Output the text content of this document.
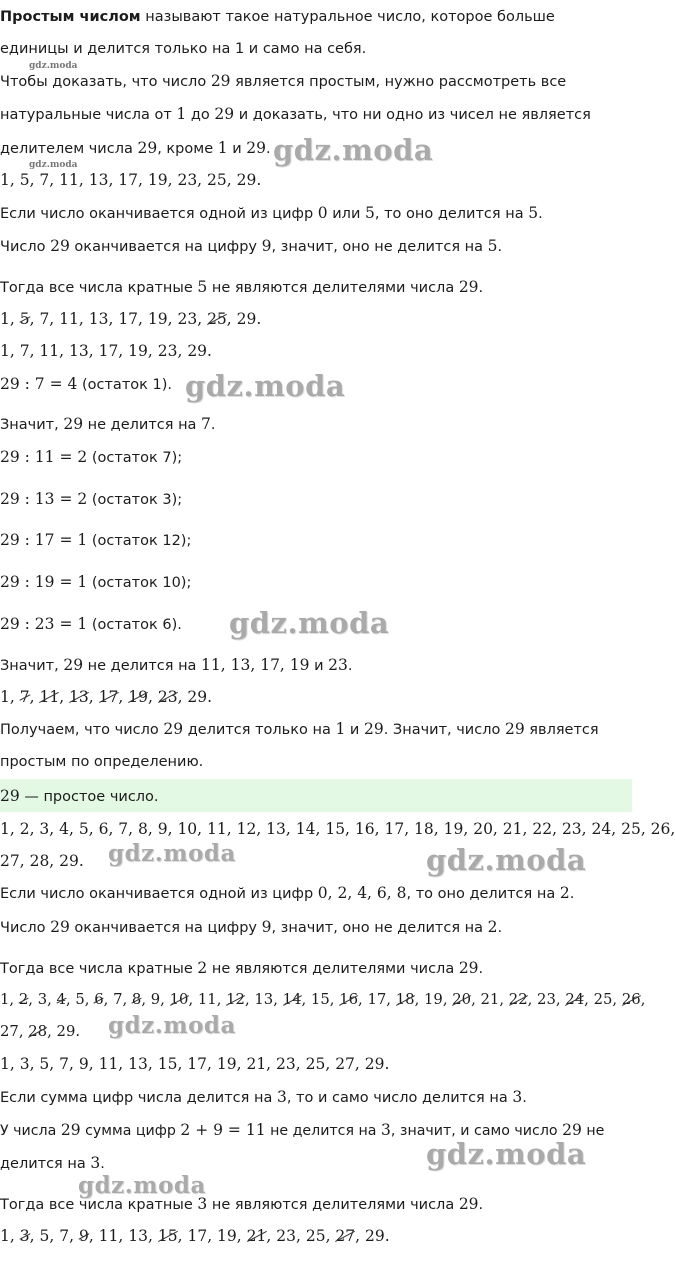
Простым числом называют такое натуральное число, которое больше
единицы и делится только на 1 и само на себя.
Чтобы доказать, что число 29 является простым, нужно рассмотреть все
натуральные числа от 1 до 29 и доказать, что ни одно из чисел не является
делителем числа 29, кроме 1 и 29.
1, 5, 7, 11, 13, 17, 19, 23, 25, 29.
Если число оканчивается одной из цифр 0 или 5, то оно делится на 5.
Число 29 оканчивается на цифру 9, значит, оно не делится на 5.
Тогда все числа кратные 5 не являются делителями числа 29.
1, 5, 7, 11, 13, 17, 19, 23, 25, 29.
1, 7, 11, 13, 17, 19, 23, 29.
29 : 7 = 4 (остаток 1).
Значит, 29 не делится на 7.
29 : 11 = 2 (остаток 7);
29 : 13 = 2 (остаток 3);
29 : 17 = 1 (остаток 12);
29 : 19 = 1 (остаток 10);
29 : 23 = 1 (остаток 6).
Значит, 29 не делится на 11, 13, 17, 19 и 23.
1, 7, 11, 13, 17, 19, 23, 29.
Получаем, что число 29 делится только на 1 и 29. Значит, число 29 является
простым по определению.
29 — простое число.
1, 2, 3, 4, 5, 6, 7, 8, 9, 10, 11, 12, 13, 14, 15, 16, 17, 18, 19, 20, 21, 22, 23, 24, 25, 26,
27, 28, 29.
Если число оканчивается одной из цифр 0, 2, 4, 6, 8, то оно делится на 2.
Число 29 оканчивается на цифру 9, значит, оно не делится на 2.
Тогда все числа кратные 2 не являются делителями числа 29.
1, 2, 3, 4, 5, 6, 7, 8, 9, 10, 11, 12, 13, 14, 15, 16, 17, 18, 19, 20, 21, 22, 23, 24, 25, 26,
27, 28, 29.
1, 3, 5, 7, 9, 11, 13, 15, 17, 19, 21, 23, 25, 27, 29.
Если сумма цифр числа делится на 3, то и само число делится на 3.
У числа 29 сумма цифр 2 + 9 = 11 не делится на 3, значит, и само число 29 не
делится на 3.
Тогда все числа кратные 3 не являются делителями числа 29.
1, 3, 5, 7, 9, 11, 13, 15, 17, 19, 21, 23, 25, 27, 29.
gdz.moda
gdz.moda	gdz.moda
gdz.moda
gdz.moda
gdz.moda	gdz.moda
gdz.moda
gdz.moda
gdz.moda
